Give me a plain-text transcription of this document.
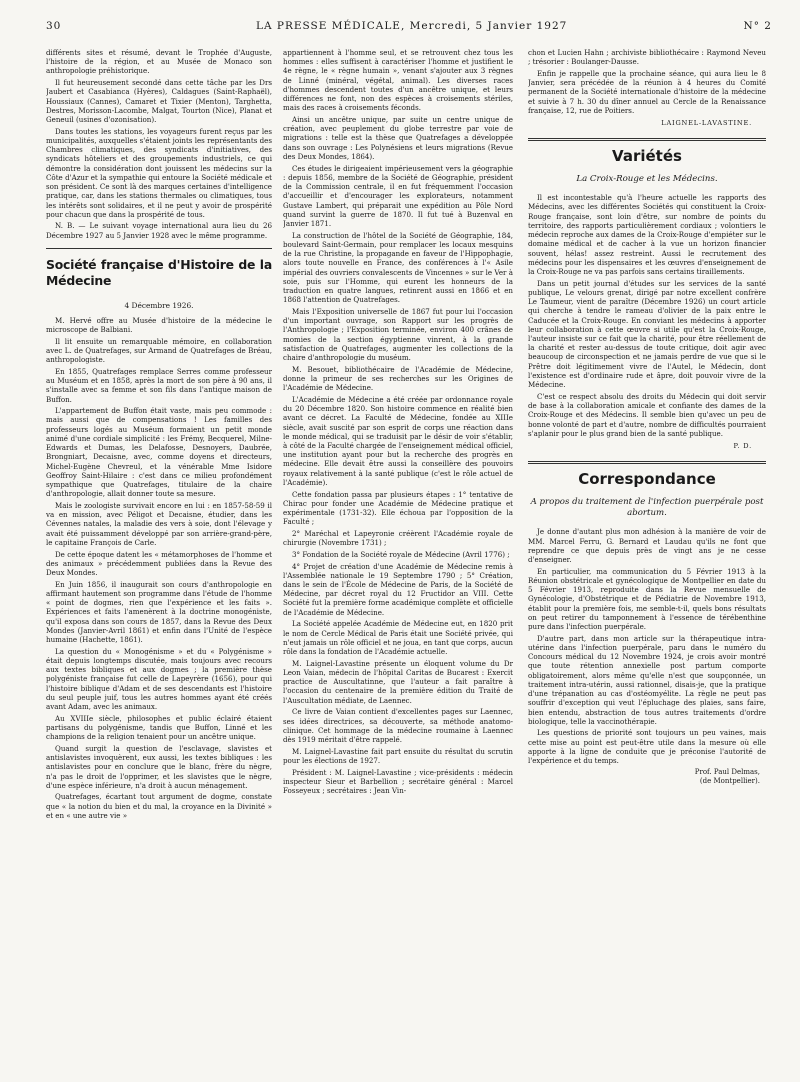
30	LA PRESSE MÉDICALE, Mercredi, 5 Janvier 1927	N° 2

différents sites et résumé, devant le Trophée d'Auguste, l'histoire de la région, et au Musée de Monaco son anthropologie préhistorique.

Il fut heureusement secondé dans cette tâche par les Drs Jaubert et Casabianca (Hyères), Caldagues (Saint-Raphaël), Houssiaux (Cannes), Camaret et Tixier (Menton), Targhetta, Destres, Morisson-Lacombe, Malgat, Tourton (Nice), Planat et Geneuil (usines d'ozonisation).

Dans toutes les stations, les voyageurs furent reçus par les municipalités, auxquelles s'étaient joints les représentants des Chambres climatiques, des syndicats d'initiatives, des syndicats hôteliers et des groupements industriels, ce qui démontre la considération dont jouissent les médecins sur la Côte d'Azur et la sympathie qui entoure la Société médicale et son président. Ce sont là des marques certaines d'intelligence pratique, car, dans les stations thermales ou climatiques, tous les intérêts sont solidaires, et il ne peut y avoir de prospérité pour chacun que dans la prospérité de tous.

N. B. — Le suivant voyage international aura lieu du 26 Décembre 1927 au 5 Janvier 1928 avec le même programme.

Société française d'Histoire de la Médecine
4 Décembre 1926.

M. Hervé offre au Musée d'histoire de la médecine le microscope de Balbiani.

Il lit ensuite un remarquable mémoire, en collaboration avec L. de Quatrefages, sur Armand de Quatrefages de Bréau, anthropologiste.

En 1855, Quatrefages remplace Serres comme professeur au Muséum et en 1858, après la mort de son père à 90 ans, il s'installe avec sa femme et son fils dans l'antique maison de Buffon.

L'appartement de Buffon était vaste, mais peu commode : mais aussi que de compensations ! Les familles des professeurs logés au Muséum formaient un petit monde animé d'une cordiale simplicité : les Frémy, Becquerel, Milne-Edwards et Dumas, les Delafosse, Desnoyers, Daubrée, Brongniart, Decaisne, avec, comme doyens et directeurs, Michel-Eugène Chevreul, et la vénérable Mme Isidore Geoffroy Saint-Hilaire : c'est dans ce milieu profondément sympathique que Quatrefages, titulaire de la chaire d'anthropologie, allait donner toute sa mesure.

Mais le zoologiste survivait encore en lui : en 1857-58-59 il va en mission, avec Péligot et Decaisne, étudier, dans les Cévennes natales, la maladie des vers à soie, dont l'élevage y avait été puissamment développé par son arrière-grand-père, le capitaine François de Carle.

De cette époque datent les « métamorphoses de l'homme et des animaux » précédemment publiées dans la Revue des Deux Mondes.

En Juin 1856, il inaugurait son cours d'anthropologie en affirmant hautement son programme dans l'étude de l'homme « point de dogmes, rien que l'expérience et les faits ». Expériences et faits l'amenèrent à la doctrine monogéniste, qu'il exposa dans son cours de 1857, dans la Revue des Deux Mondes (Janvier-Avril 1861) et enfin dans l'Unité de l'espèce humaine (Hachette, 1861).

La question du « Monogénisme » et du « Polygénisme » était depuis longtemps discutée, mais toujours avec recours aux textes bibliques et aux dogmes ; la première thèse polygéniste française fut celle de Lapeyrère (1656), pour qui l'histoire biblique d'Adam et de ses descendants est l'histoire du seul peuple juif, tous les autres hommes ayant été créés avant Adam, avec les animaux.

Au XVIIIe siècle, philosophes et public éclairé étaient partisans du polygénisme, tandis que Buffon, Linné et les champions de la religion tenaient pour un ancêtre unique.

Quand surgit la question de l'esclavage, slavistes et antislavistes invoquèrent, eux aussi, les textes bibliques : les antislavistes pour en conclure que le blanc, frère du nègre, n'a pas le droit de l'opprimer, et les slavistes que le nègre, d'une espèce inférieure, n'a droit à aucun ménagement.

Quatrefages, écartant tout argument de dogme, constate que « la notion du bien et du mal, la croyance en la Divinité » et en « une autre vie »

appartiennent à l'homme seul, et se retrouvent chez tous les hommes : elles suffisent à caractériser l'homme et justifient le 4e règne, le « règne humain », venant s'ajouter aux 3 règnes de Linné (minéral, végétal, animal). Les diverses races d'hommes descendent toutes d'un ancêtre unique, et leurs différences ne font, non des espèces à croisements stériles, mais des races à croisements féconds.

Ainsi un ancêtre unique, par suite un centre unique de création, avec peuplement du globe terrestre par voie de migrations : telle est la thèse que Quatrefages a développée dans son ouvrage : Les Polynésiens et leurs migrations (Revue des Deux Mondes, 1864).

Ces études le dirigeaient impérieusement vers la géographie : depuis 1856, membre de la Société de Géographie, président de la Commission centrale, il en fut fréquemment l'occasion d'accueillir et d'encourager les explorateurs, notamment Gustave Lambert, qui préparait une expédition au Pôle Nord quand survint la guerre de 1870. Il fut tué à Buzenval en Janvier 1871.

La construction de l'hôtel de la Société de Géographie, 184, boulevard Saint-Germain, pour remplacer les locaux mesquins de la rue Christine, la propagande en faveur de l'Hippophagie, alors toute nouvelle en France, des conférences à l'« Asile impérial des ouvriers convalescents de Vincennes » sur le Ver à soie, puis sur l'Homme, qui eurent les honneurs de la traduction en quatre langues, retinrent aussi en 1866 et en 1868 l'attention de Quatrefages.

Mais l'Exposition universelle de 1867 fut pour lui l'occasion d'un important ouvrage, son Rapport sur les progrès de l'Anthropologie ; l'Exposition terminée, environ 400 crânes de momies de la section égyptienne vinrent, à la grande satisfaction de Quatrefages, augmenter les collections de la chaire d'anthropologie du muséum.

M. Besouet, bibliothécaire de l'Académie de Médecine, donne la primeur de ses recherches sur les Origines de l'Académie de Médecine.

L'Académie de Médecine a été créée par ordonnance royale du 20 Décembre 1820. Son histoire commence en réalité bien avant ce décret. La Faculté de Médecine, fondée au XIIIe siècle, avait suscité par son esprit de corps une réaction dans le monde médical, qui se traduisit par le désir de voir s'établir, à côté de la Faculté chargée de l'enseignement médical officiel, une institution ayant pour but la recherche des progrès en médecine. Elle devait être aussi la conseillère des pouvoirs royaux relativement à la santé publique (c'est le rôle actuel de l'Académie).

Cette fondation passa par plusieurs étapes : 1° tentative de Chirac pour fonder une Académie de Médecine pratique et expérimentale (1731-32). Elle échoua par l'opposition de la Faculté ;

2° Maréchal et Lapeyronie créèrent l'Académie royale de chirurgie (Novembre 1731) ;

3° Fondation de la Société royale de Médecine (Avril 1776) ;

4° Projet de création d'une Académie de Médecine remis à l'Assemblée nationale le 19 Septembre 1790 ; 5° Création, dans le sein de l'École de Médecine de Paris, de la Société de Médecine, par décret royal du 12 Fructidor an VIII. Cette Société fut la première forme académique complète et officielle de l'Académie de Médecine.

La Société appelée Académie de Médecine eut, en 1820 prit le nom de Cercle Médical de Paris était une Société privée, qui n'eut jamais un rôle officiel et ne joua, en tant que corps, aucun rôle dans la fondation de l'Académie actuelle.

M. Laignel-Lavastine présente un éloquent volume du Dr Leon Vaian, médecin de l'hôpital Caritas de Bucarest : Exercit practice de Auscultatinne, que l'auteur a fait paraître à l'occasion du centenaire de la première édition du Traité de l'Auscultation médiate, de Laennec.

Ce livre de Vaian contient d'excellentes pages sur Laennec, ses idées directrices, sa découverte, sa méthode anatomo-clinique. Cet hommage de la médecine roumaine à Laennec dès 1919 méritait d'être rappelé.

M. Laignel-Lavastine fait part ensuite du résultat du scrutin pour les élections de 1927.

Président : M. Laignel-Lavastine ; vice-présidents : médecin inspecteur Sieur et Barbellion ; secrétaire général : Marcel Fosseyeux ; secrétaires : Jean Vin-

chon et Lucien Hahn ; archiviste bibliothécaire : Raymond Neveu ; trésorier : Boulanger-Dausse.

Enfin je rappelle que la prochaine séance, qui aura lieu le 8 Janvier, sera précédée de la réunion à 4 heures du Comité permanent de la Société internationale d'histoire de la médecine et suivie à 7 h. 30 du dîner annuel au Cercle de la Renaissance française, 12, rue de Poitiers.

LAIGNEL-LAVASTINE.
Variétés
La Croix-Rouge et les Médecins.

Il est incontestable qu'à l'heure actuelle les rapports des Médecins, avec les différentes Sociétés qui constituent la Croix-Rouge française, sont loin d'être, sur nombre de points du territoire, des rapports particulièrement cordiaux ; volontiers le médecin reproche aux dames de la Croix-Rouge d'empiéter sur le domaine médical et de cacher à la vue un horizon financier souvent, hélas! assez restreint. Aussi le recrutement des médecins pour les dispensaires et les œuvres d'enseignement de la Croix-Rouge ne va pas parfois sans certains tiraillements.

Dans un petit journal d'études sur les services de la santé publique, Le velours grenat, dirigé par notre excellent confrère Le Taumeur, vient de paraître (Décembre 1926) un court article qui cherche à tendre le rameau d'olivier de la paix entre le Caducée et la Croix-Rouge. En conviant les médecins à apporter leur collaboration à cette œuvre si utile qu'est la Croix-Rouge, l'auteur insiste sur ce fait que la charité, pour être réellement de la charité et rester au-dessus de toute critique, doit agir avec beaucoup de circonspection et ne jamais perdre de vue que si le Prêtre doit légitimement vivre de l'Autel, le Médecin, dont l'existence est d'ordinaire rude et âpre, doit pouvoir vivre de la Médecine.

C'est ce respect absolu des droits du Médecin qui doit servir de base à la collaboration amicale et confiante des dames de la Croix-Rouge et des Médecins. Il semble bien qu'avec un peu de bonne volonté de part et d'autre, nombre de difficultés pourraient s'aplanir pour le plus grand bien de la santé publique.

P. D.
Correspondance
A propos du traitement de l'infection puerpérale post abortum.

Je donne d'autant plus mon adhésion à la manière de voir de MM. Marcel Ferru, G. Bernard et Laudau qu'ils ne font que reprendre ce que depuis près de vingt ans je ne cesse d'enseigner.

En particulier, ma communication du 5 Février 1913 à la Réunion obstétricale et gynécologique de Montpellier en date du 5 Février 1913, reproduite dans la Revue mensuelle de Gynécologie, d'Obstétrique et de Pédiatrie de Novembre 1913, établit pour la première fois, me semble-t-il, quels bons résultats on peut retirer du tamponnement à l'essence de térébenthine pure dans l'infection puerpérale.

D'autre part, dans mon article sur la thérapeutique intra-utérine dans l'infection puerpérale, paru dans le numéro du Concours médical du 12 Novembre 1924, je crois avoir montré que toute rétention annexielle post partum comporte obligatoirement, alors même qu'elle n'est que soupçonnée, un traitement intra-utérin, aussi rationnel, disais-je, que la pratique d'une trépanation au cas d'ostéomyélite. La règle ne peut pas souffrir d'exception qui veut l'épluchage des plaies, sans faire, bien entendu, abstraction de tous autres traitements d'ordre biologique, telle la vaccinothérapie.

Les questions de priorité sont toujours un peu vaines, mais cette mise au point est peut-être utile dans la mesure où elle apporte à la ligne de conduite que je préconise l'autorité de l'expérience et du temps.

Prof. Paul Delmas,
(de Montpellier).
